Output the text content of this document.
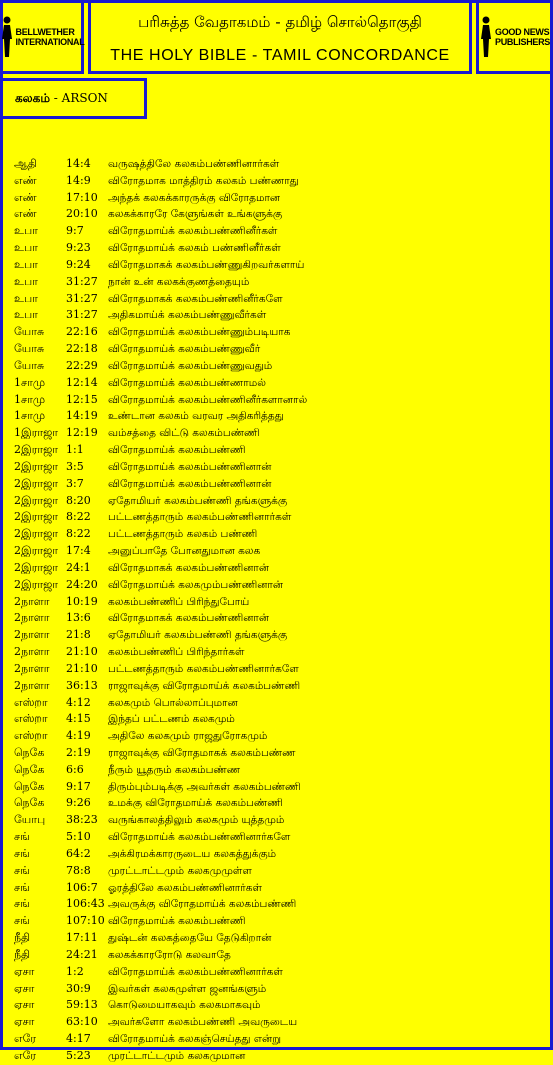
BELLWETHER
INTERNATIONAL
பரிசுத்த வேதாகமம் - தமிழ் சொல்தொகுதி
THE HOLY BIBLE - TAMIL CONCORDANCE
GOOD NEWS
PUBLISHERS
கலகம் - ARSON
ஆதி	14:4 வருஷத்திலே கலகம்பண்ணினார்கள்
எண்	14:9 விரோதமாக மாத்திரம் கலகம் பண்ணாது
எண்	17:10 அந்தக் கலகக்காரருக்கு விரோதமான
எண்	20:10 கலகக்காரரே கேளுங்கள் உங்களுக்கு
உபா	9:7 விரோதமாய்க் கலகம்பண்ணினீர்கள்
உபா	9:23 விரோதமாய்க் கலகம் பண்ணினீர்கள்
உபா	9:24 விரோதமாகக் கலகம்பண்ணுகிறவர்களாய்
உபா	31:27 நான் உன் கலகக்குணத்தையும்
உபா	31:27 விரோதமாகக் கலகம்பண்ணினீர்களே
உபா	31:27 அதிகமாய்க் கலகம்பண்ணுவீர்கள்
யோசு 22:16 விரோதமாய்க் கலகம்பண்ணும்படியாக
யோசு 22:18 விரோதமாய்க் கலகம்பண்ணுவீர்
யோசு 22:29 விரோதமாய்க் கலகம்பண்ணுவதும்
1சாமு 12:14 விரோதமாய்க் கலகம்பண்ணாமல்
1சாமு 12:15 விரோதமாய்க் கலகம்பண்ணினீர்களானால்
1சாமு 14:19 உண்டான கலகம் வரவர அதிகரித்தது
1இராஜா 12:19 வம்சத்தை விட்டு கலகம்பண்ணி
2இராஜா 1:1 விரோதமாய்க் கலகம்பண்ணி
2இராஜா 3:5 விரோதமாய்க் கலகம்பண்ணினான்
2இராஜா 3:7 விரோதமாய்க் கலகம்பண்ணினான்
2இராஜா 8:20 ஏதோமியர் கலகம்பண்ணி தங்களுக்கு
2இராஜா 8:22 பட்டணத்தாரும் கலகம்பண்ணினார்கள்
2இராஜா 8:22 பட்டணத்தாரும் கலகம் பண்ணி
2இராஜா 17:4 அனுப்பாதே போனதுமான கலக
2இராஜா 24:1 விரோதமாகக் கலகம்பண்ணினான்
2இராஜா 24:20 விரோதமாய்க் கலகமும்பண்ணினான்
2நாளா 10:19 கலகம்பண்ணிப் பிரிந்துபோய்
2நாளா 13:6 விரோதமாகக் கலகம்பண்ணினான்
2நாளா 21:8 ஏதோமியர் கலகம்பண்ணி தங்களுக்கு
2நாளா 21:10 கலகம்பண்ணிப் பிரிந்தார்கள்
2நாளா 21:10 பட்டணத்தாரும் கலகம்பண்ணினார்களே
2நாளா 36:13 ராஜாவுக்கு விரோதமாய்க் கலகம்பண்ணி
எஸ்றா 4:12 கலகமும் பொல்லாப்புமான
எஸ்றா 4:15 இந்தப் பட்டணம் கலகமும்
எஸ்றா 4:19 அதிலே கலகமும் ராஜதுரோகமும்
நெகே 2:19 ராஜாவுக்கு விரோதமாகக் கலகம்பண்ண
நெகே 6:6 நீரும் யூதரும் கலகம்பண்ண
நெகே 9:17 திரும்பும்படிக்கு அவர்கள் கலகம்பண்ணி
நெகே 9:26 உமக்கு விரோதமாய்க் கலகம்பண்ணி
யோபு 38:23 வருங்காலத்திலும் கலகமும் யுத்தமும்
சங்	5:10 விரோதமாய்க் கலகம்பண்ணினார்களே
சங்	64:2 அக்கிரமக்காரருடைய கலகத்துக்கும்
சங்	78:8 முரட்டாட்டமும் கலகமுமுள்ள
சங்	106:7 ஓரத்திலே கலகம்பண்ணினார்கள்
சங்	106:43 அவருக்கு விரோதமாய்க் கலகம்பண்ணி
சங்	107:10 விரோதமாய்க் கலகம்பண்ணி
நீதி	17:11 துஷ்டன் கலகத்தையே தேடுகிறான்
நீதி	24:21 கலகக்காரரோடு கலவாதே
ஏசா	1:2 விரோதமாய்க் கலகம்பண்ணினார்கள்
ஏசா	30:9 இவர்கள் கலகமுள்ள ஜனங்களும்
ஏசா	59:13 கொடுமையாகவும் கலகமாகவும்
ஏசா	63:10 அவர்களோ கலகம்பண்ணி அவருடைய
எரே	4:17 விரோதமாய்க் கலகஞ்செய்தது என்று
எரே	5:23 முரட்டாட்டமும் கலகமுமான
